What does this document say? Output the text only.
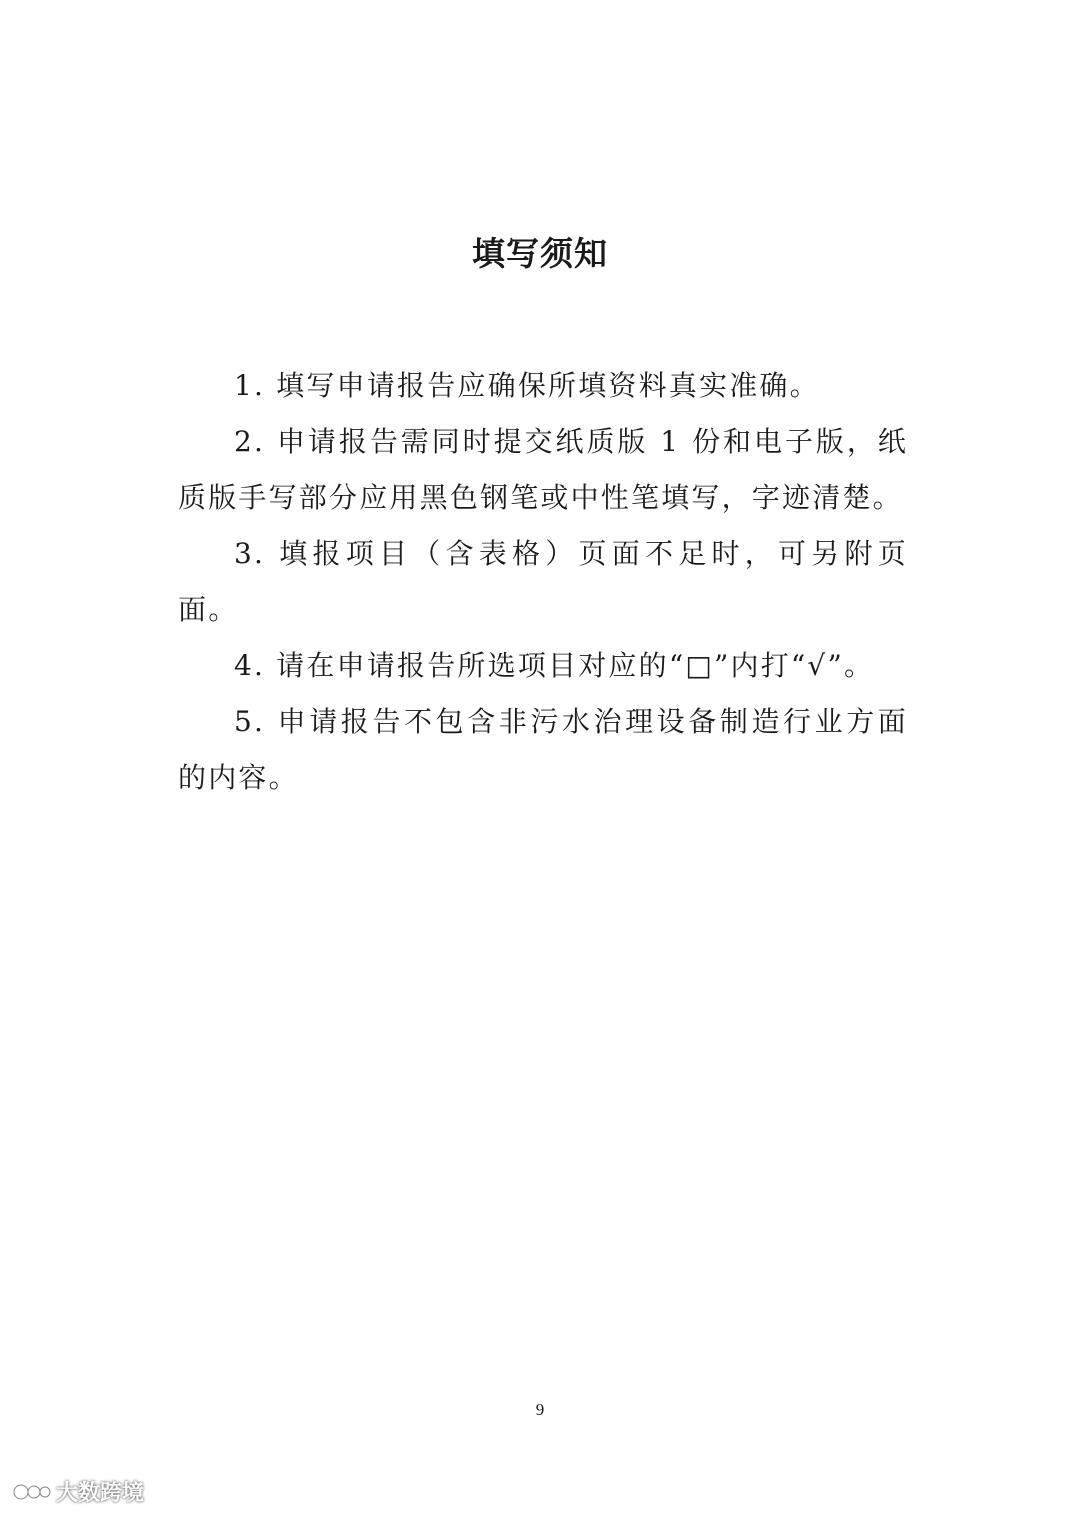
填写须知

1. 填写申请报告应确保所填资料真实准确。

2. 申请报告需同时提交纸质版 1 份和电子版，纸质版手写部分应用黑色钢笔或中性笔填写，字迹清楚。

3. 填报项目（含表格）页面不足时，可另附页面。

4. 请在申请报告所选项目对应的“□”内打“√”。

5. 申请报告不包含非污水治理设备制造行业方面的内容。

9
大数跨境
